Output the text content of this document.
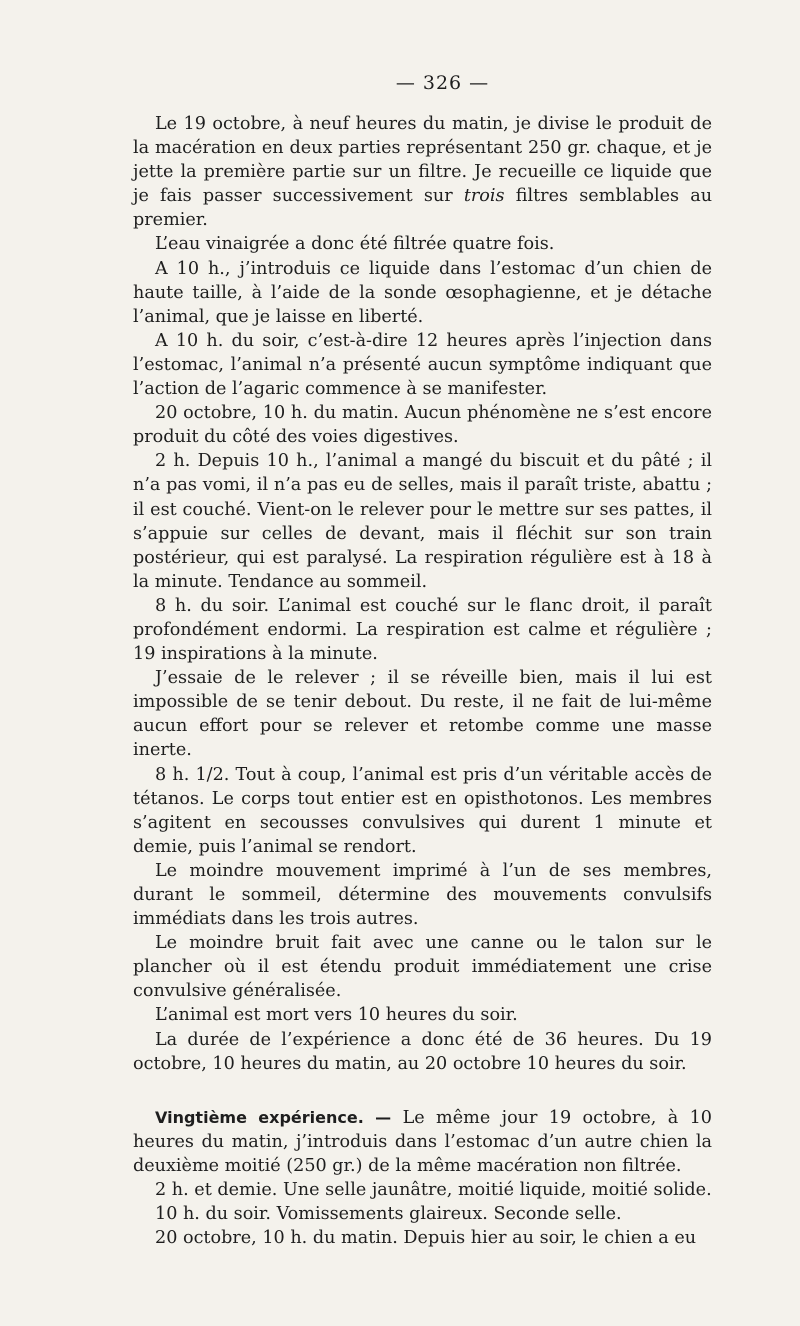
— 326 —

Le 19 octobre, à neuf heures du matin, je divise le produit de la macération en deux parties représentant 250 gr. chaque, et je jette la première partie sur un filtre. Je recueille ce liquide que je fais passer successivement sur trois filtres semblables au premier.

L’eau vinaigrée a donc été filtrée quatre fois.

A 10 h., j’introduis ce liquide dans l’estomac d’un chien de haute taille, à l’aide de la sonde œsophagienne, et je détache l’animal, que je laisse en liberté.

A 10 h. du soir, c’est-à-dire 12 heures après l’injection dans l’estomac, l’animal n’a présenté aucun symptôme indiquant que l’action de l’agaric commence à se manifester.

20 octobre, 10 h. du matin. Aucun phénomène ne s’est encore produit du côté des voies digestives.

2 h. Depuis 10 h., l’animal a mangé du biscuit et du pâté ; il n’a pas vomi, il n’a pas eu de selles, mais il paraît triste, abattu ; il est couché. Vient-on le relever pour le mettre sur ses pattes, il s’appuie sur celles de devant, mais il fléchit sur son train postérieur, qui est paralysé. La respiration régulière est à 18 à la minute. Tendance au sommeil.

8 h. du soir. L’animal est couché sur le flanc droit, il paraît profondément endormi. La respiration est calme et régulière ; 19 inspirations à la minute.

J’essaie de le relever ; il se réveille bien, mais il lui est impossible de se tenir debout. Du reste, il ne fait de lui-même aucun effort pour se relever et retombe comme une masse inerte.

8 h. 1/2. Tout à coup, l’animal est pris d’un véritable accès de tétanos. Le corps tout entier est en opisthotonos. Les membres s’agitent en secousses convulsives qui durent 1 minute et demie, puis l’animal se rendort.

Le moindre mouvement imprimé à l’un de ses membres, durant le sommeil, détermine des mouvements convulsifs immédiats dans les trois autres.

Le moindre bruit fait avec une canne ou le talon sur le plancher où il est étendu produit immédiatement une crise convulsive généralisée.

L’animal est mort vers 10 heures du soir.

La durée de l’expérience a donc été de 36 heures. Du 19 octobre, 10 heures du matin, au 20 octobre 10 heures du soir.

Vingtième expérience. — Le même jour 19 octobre, à 10 heures du matin, j’introduis dans l’estomac d’un autre chien la deuxième moitié (250 gr.) de la même macération non filtrée.

2 h. et demie. Une selle jaunâtre, moitié liquide, moitié solide.

10 h. du soir. Vomissements glaireux. Seconde selle.

20 octobre, 10 h. du matin. Depuis hier au soir, le chien a eu
